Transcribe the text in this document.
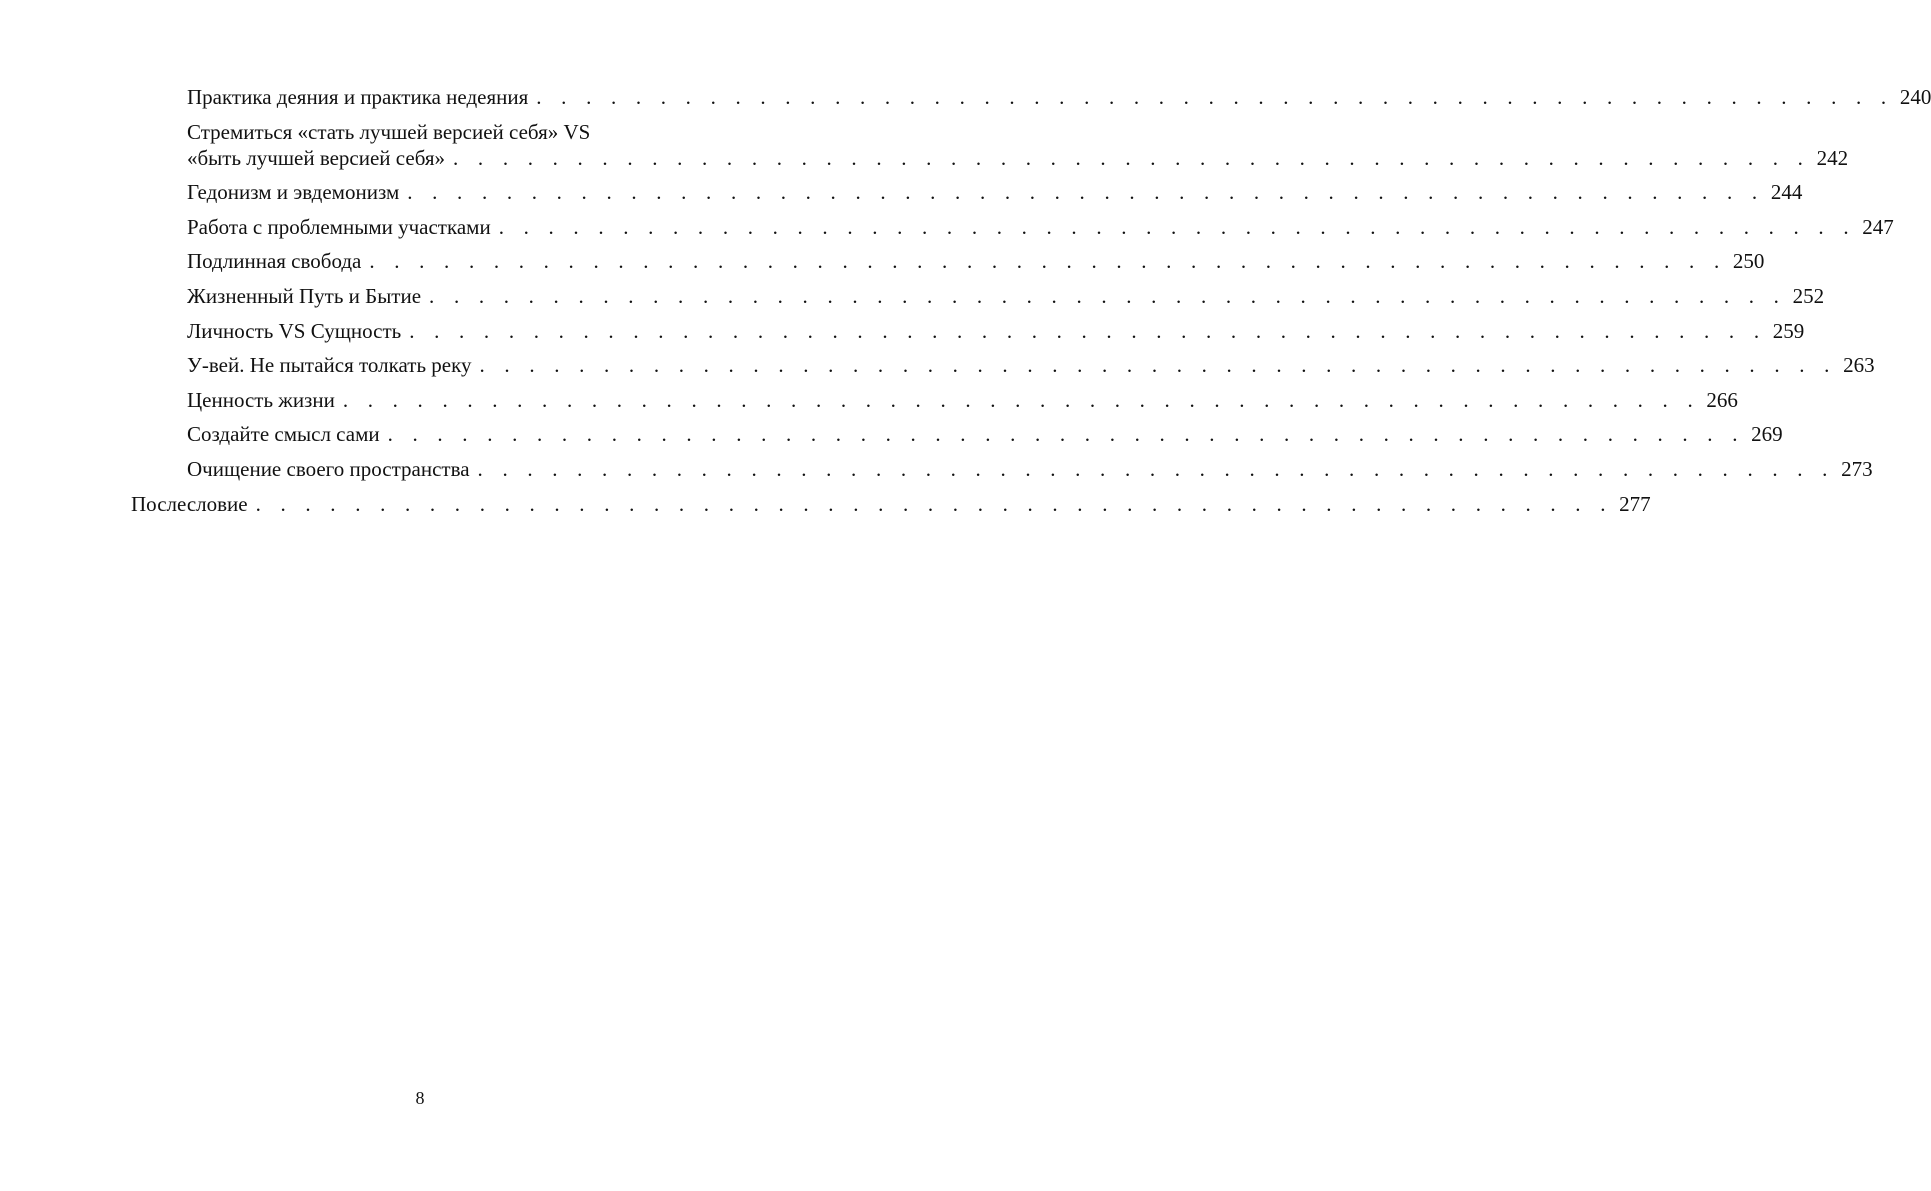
Практика деяния и практика недеяния . . . . . . . . . . . . . . . . . . . . . . . . . . . . . . . . . . . . . . . . . . . . . . . . . . . . . . . 240
Стремиться «стать лучшей версией себя» VS
«быть лучшей версией себя» . . . . . . . . . . . . . . . . . . . . . . . . . . . . . . . . . . . . . . . . . . . . . . . . . . . . . . . 242
Гедонизм и эвдемонизм . . . . . . . . . . . . . . . . . . . . . . . . . . . . . . . . . . . . . . . . . . . . . . . . . . . . . . . 244
Работа с проблемными участками . . . . . . . . . . . . . . . . . . . . . . . . . . . . . . . . . . . . . . . . . . . . . . . . . . . . . . . 247
Подлинная свобода . . . . . . . . . . . . . . . . . . . . . . . . . . . . . . . . . . . . . . . . . . . . . . . . . . . . . . . 250
Жизненный Путь и Бытие . . . . . . . . . . . . . . . . . . . . . . . . . . . . . . . . . . . . . . . . . . . . . . . . . . . . . . . 252
Личность VS Сущность . . . . . . . . . . . . . . . . . . . . . . . . . . . . . . . . . . . . . . . . . . . . . . . . . . . . . . . 259
У-вей. Не пытайся толкать реку . . . . . . . . . . . . . . . . . . . . . . . . . . . . . . . . . . . . . . . . . . . . . . . . . . . . . . . 263
Ценность жизни . . . . . . . . . . . . . . . . . . . . . . . . . . . . . . . . . . . . . . . . . . . . . . . . . . . . . . . 266
Создайте смысл сами . . . . . . . . . . . . . . . . . . . . . . . . . . . . . . . . . . . . . . . . . . . . . . . . . . . . . . . 269
Очищение своего пространства . . . . . . . . . . . . . . . . . . . . . . . . . . . . . . . . . . . . . . . . . . . . . . . . . . . . . . . 273
Послесловие . . . . . . . . . . . . . . . . . . . . . . . . . . . . . . . . . . . . . . . . . . . . . . . . . . . . . . . 277
8
